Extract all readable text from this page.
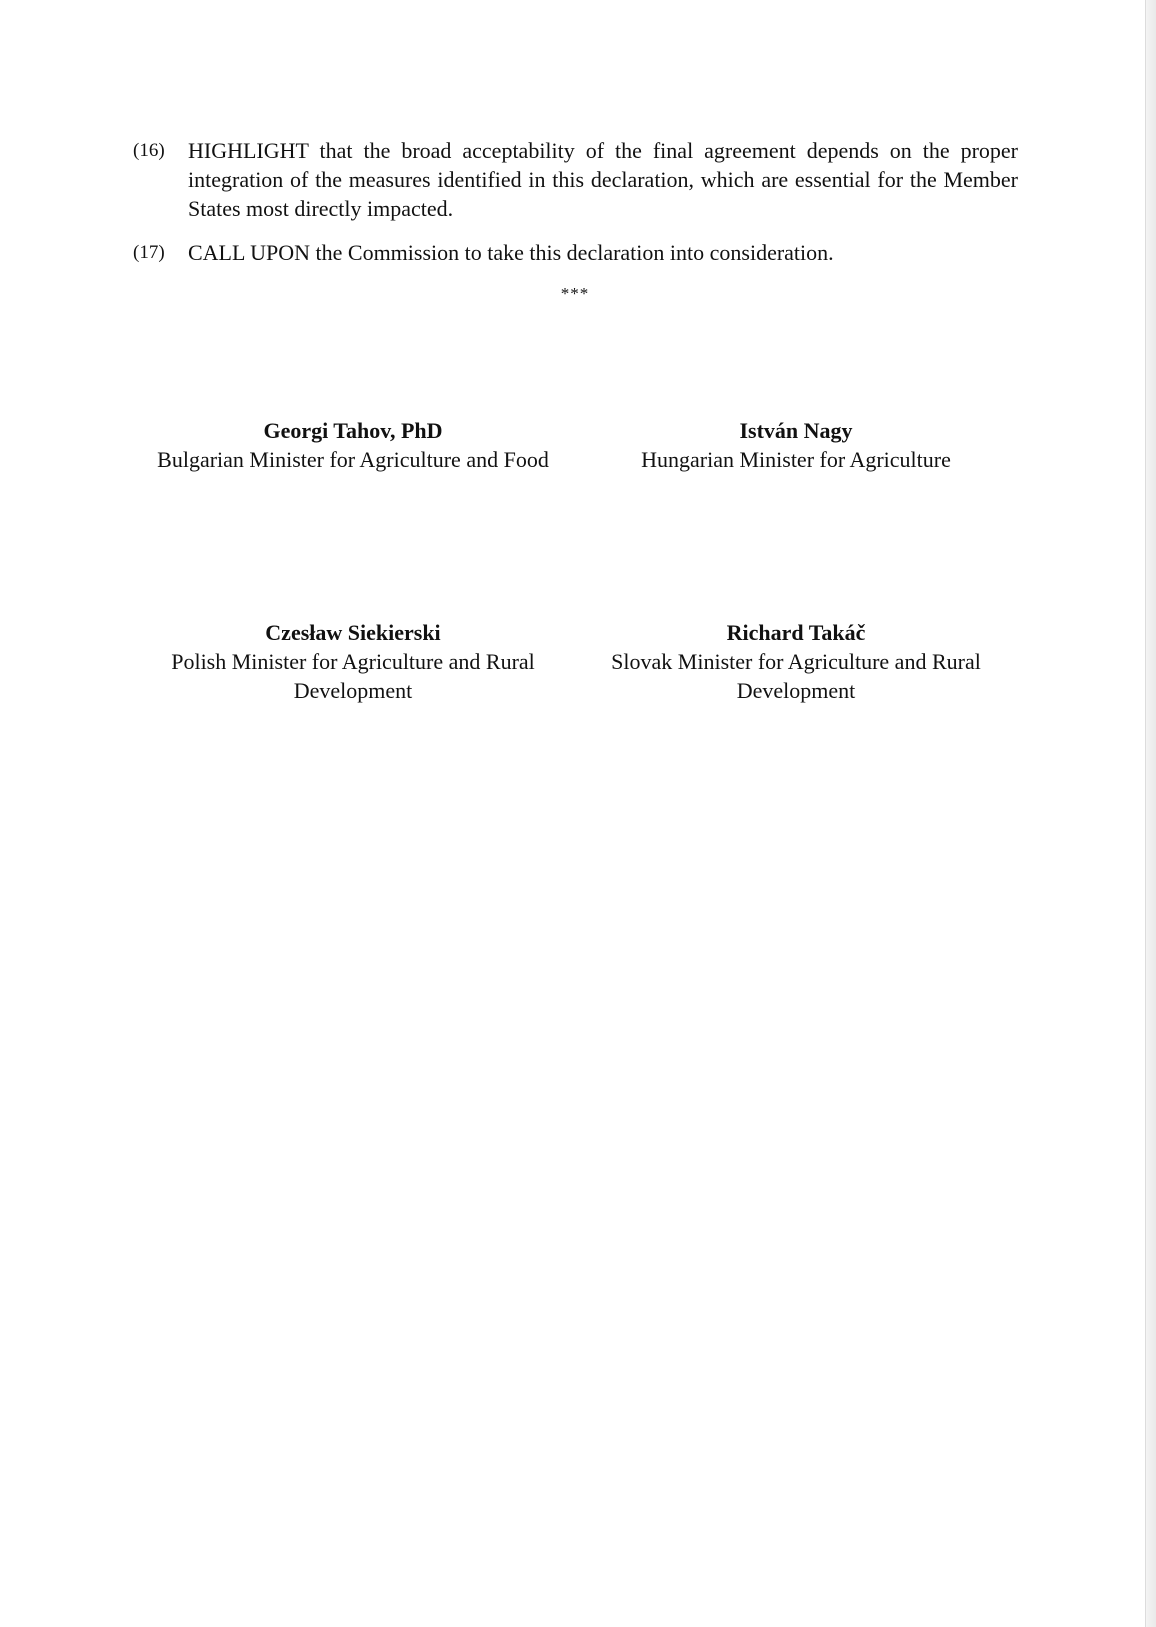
(16)	HIGHLIGHT that the broad acceptability of the final agreement depends on the proper integration of the measures identified in this declaration, which are essential for the Member States most directly impacted.
(17)	CALL UPON the Commission to take this declaration into consideration.
***
Georgi Tahov, PhD
Bulgarian Minister for Agriculture and Food
István Nagy
Hungarian Minister for Agriculture
Czesław Siekierski
Polish Minister for Agriculture and Rural Development
Richard Takáč
Slovak Minister for Agriculture and Rural Development
